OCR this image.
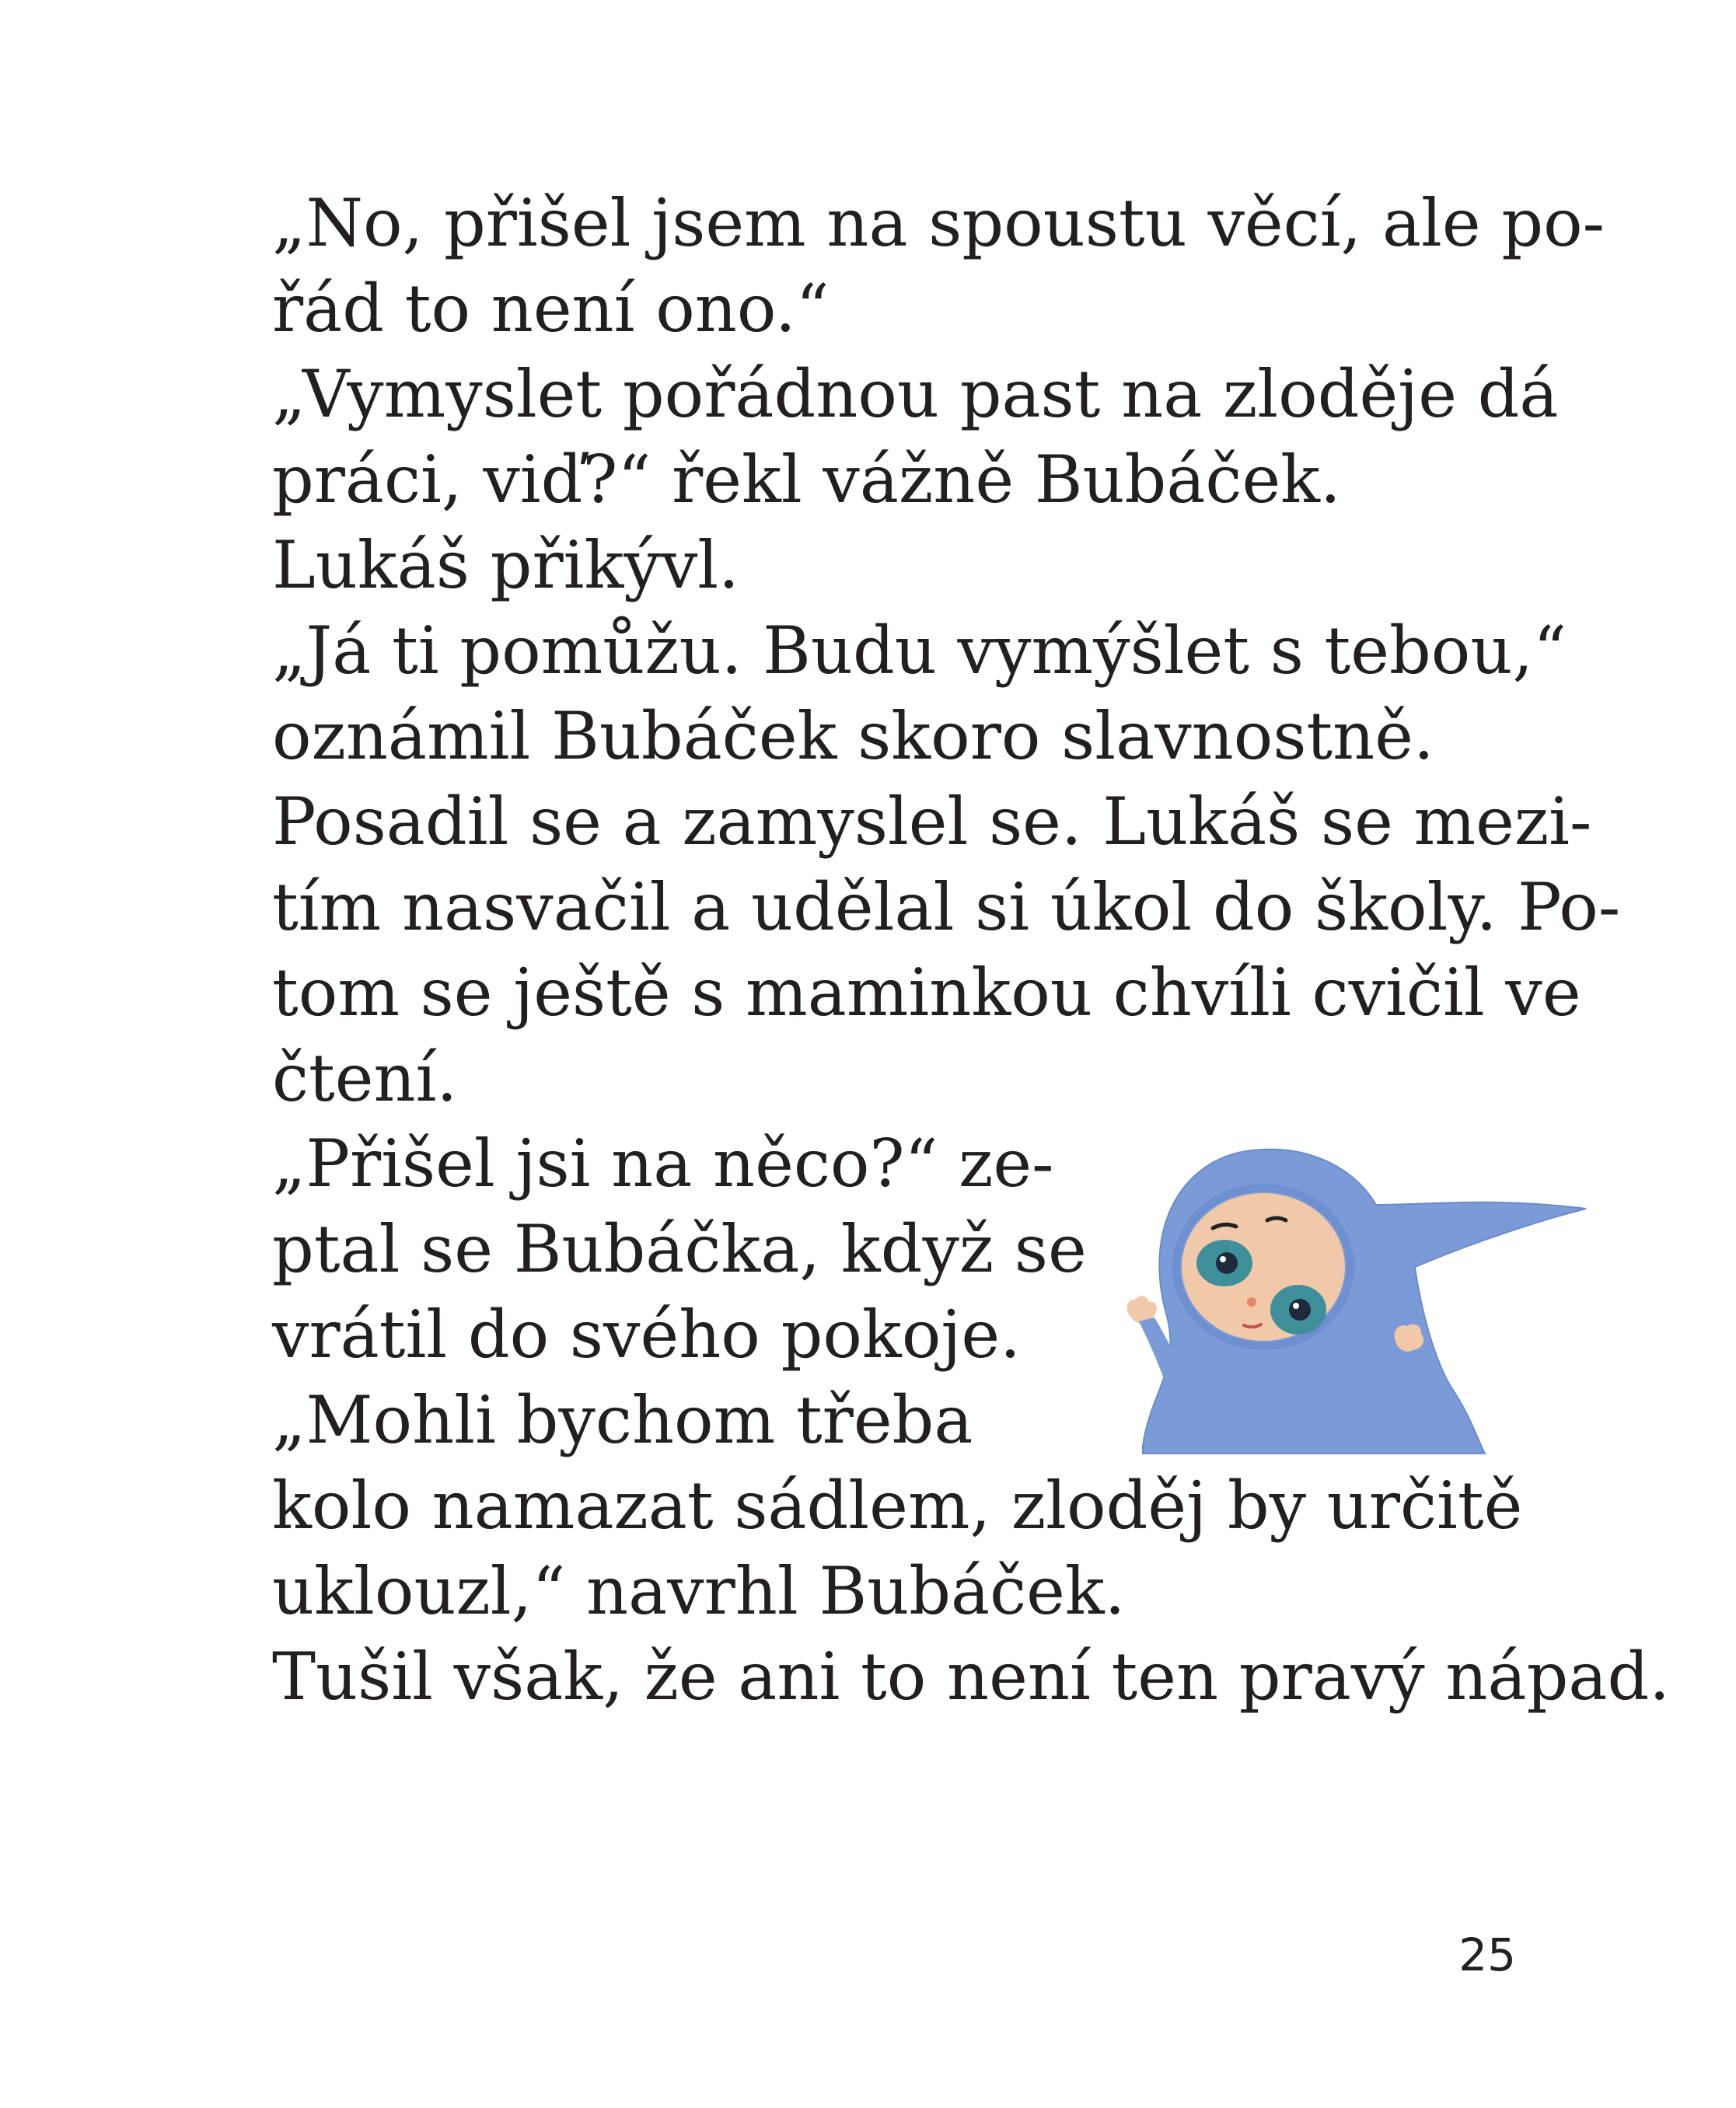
„No, přišel jsem na spoustu věcí, ale po-
řád to není ono.“
„Vymyslet pořádnou past na zloděje dá
práci, viď?“ řekl vážně Bubáček.
Lukáš přikývl.
„Já ti pomůžu. Budu vymýšlet s tebou,“
oznámil Bubáček skoro slavnostně.
Posadil se a zamyslel se. Lukáš se mezi-
tím nasvačil a udělal si úkol do školy. Po-
tom se ještě s maminkou chvíli cvičil ve
čtení.
„Přišel jsi na něco?“ ze-
ptal se Bubáčka, když se
vrátil do svého pokoje.
„Mohli bychom třeba
kolo namazat sádlem, zloděj by určitě
uklouzl,“ navrhl Bubáček.
Tušil však, že ani to není ten pravý nápad.
25
